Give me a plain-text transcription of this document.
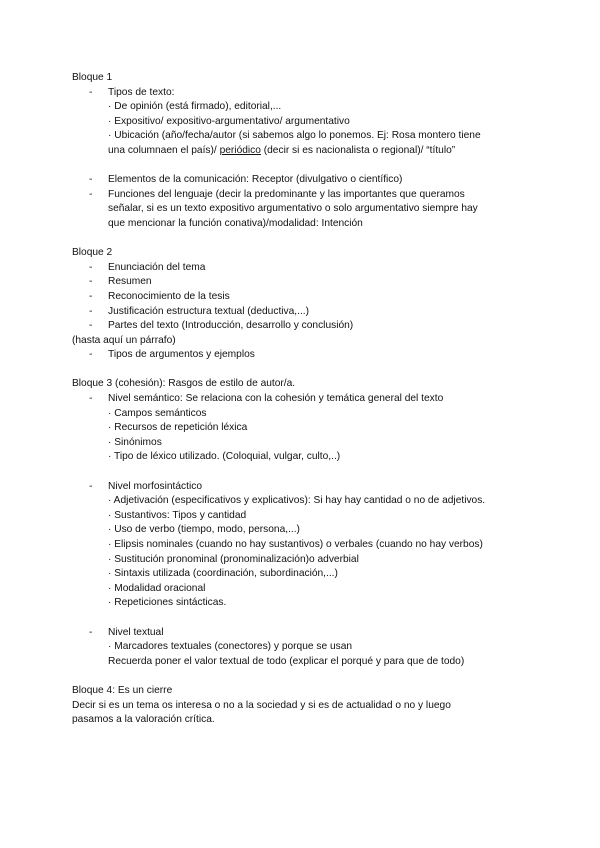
Bloque 1
- Tipos de texto:
· De opinión (está firmado), editorial,...
· Expositivo/ expositivo-argumentativo/ argumentativo
· Ubicación (año/fecha/autor (si sabemos algo lo ponemos. Ej: Rosa montero tiene
una columnaen el país)/ periódico (decir si es nacionalista o regional)/ “título”
- Elementos de la comunicación: Receptor (divulgativo o científico)
- Funciones del lenguaje (decir la predominante y las importantes que queramos
señalar, si es un texto expositivo argumentativo o solo argumentativo siempre hay
que mencionar la función conativa)/modalidad: Intención
Bloque 2
- Enunciación del tema
- Resumen
- Reconocimiento de la tesis
- Justificación estructura textual (deductiva,...)
- Partes del texto (Introducción, desarrollo y conclusión)
(hasta aquí un párrafo)
- Tipos de argumentos y ejemplos
Bloque 3 (cohesión): Rasgos de estilo de autor/a.
- Nivel semántico: Se relaciona con la cohesión y temática general del texto
· Campos semánticos
· Recursos de repetición léxica
· Sinónimos
· Tipo de léxico utilizado. (Coloquial, vulgar, culto,..)
- Nivel morfosintáctico
· Adjetivación (especificativos y explicativos): Si hay hay cantidad o no de adjetivos.
· Sustantivos: Tipos y cantidad
· Uso de verbo (tiempo, modo, persona,...)
· Elipsis nominales (cuando no hay sustantivos) o verbales (cuando no hay verbos)
· Sustitución pronominal (pronominalización)o adverbial
· Sintaxis utilizada (coordinación, subordinación,...)
· Modalidad oracional
· Repeticiones sintácticas.
- Nivel textual
· Marcadores textuales (conectores) y porque se usan
Recuerda poner el valor textual de todo (explicar el porqué y para que de todo)
Bloque 4: Es un cierre
Decir si es un tema os interesa o no a la sociedad y si es de actualidad o no y luego
pasamos a la valoración crítica.
